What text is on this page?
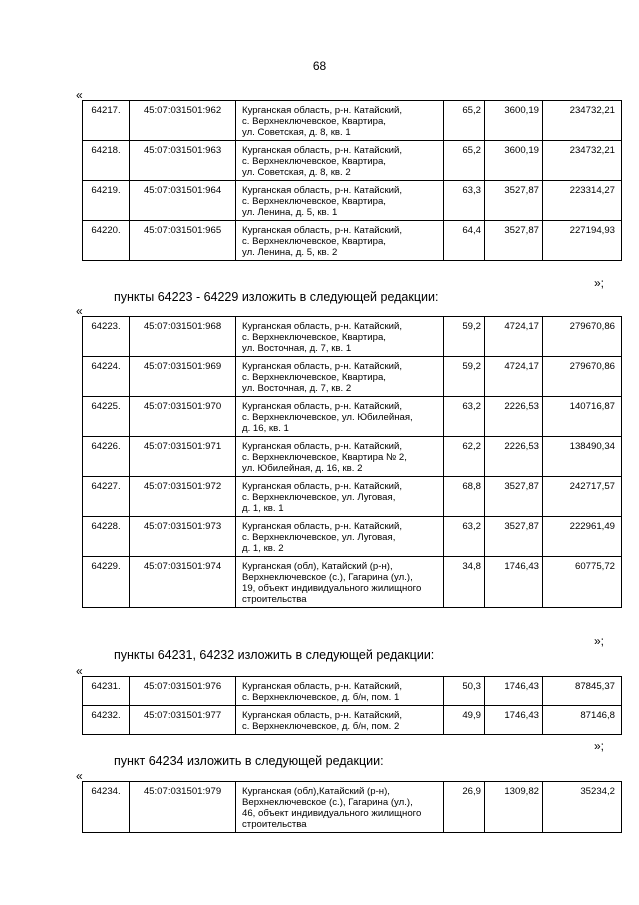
68
«
64217.	45:07:031501:962	Курганская область, р-н. Катайский,
с. Верхнеключевское, Квартира,
ул. Советская, д. 8, кв. 1	65,2	3600,19	234732,21
64218.	45:07:031501:963	Курганская область, р-н. Катайский,
с. Верхнеключевское, Квартира,
ул. Советская, д. 8, кв. 2	65,2	3600,19	234732,21
64219.	45:07:031501:964	Курганская область, р-н. Катайский,
с. Верхнеключевское, Квартира,
ул. Ленина, д. 5, кв. 1	63,3	3527,87	223314,27
64220.	45:07:031501:965	Курганская область, р-н. Катайский,
с. Верхнеключевское, Квартира,
ул. Ленина, д. 5, кв. 2	64,4	3527,87	227194,93
»;
пункты 64223 - 64229 изложить в следующей редакции:
«
64223.	45:07:031501:968	Курганская область, р-н. Катайский,
с. Верхнеключевское, Квартира,
ул. Восточная, д. 7, кв. 1	59,2	4724,17	279670,86
64224.	45:07:031501:969	Курганская область, р-н. Катайский,
с. Верхнеключевское, Квартира,
ул. Восточная, д. 7, кв. 2	59,2	4724,17	279670,86
64225.	45:07:031501:970	Курганская область, р-н. Катайский,
с. Верхнеключевское, ул. Юбилейная,
д. 16, кв. 1	63,2	2226,53	140716,87
64226.	45:07:031501:971	Курганская область, р-н. Катайский,
с. Верхнеключевское, Квартира № 2,
ул. Юбилейная, д. 16, кв. 2	62,2	2226,53	138490,34
64227.	45:07:031501:972	Курганская область, р-н. Катайский,
с. Верхнеключевское, ул. Луговая,
д. 1, кв. 1	68,8	3527,87	242717,57
64228.	45:07:031501:973	Курганская область, р-н. Катайский,
с. Верхнеключевское, ул. Луговая,
д. 1, кв. 2	63,2	3527,87	222961,49
64229.	45:07:031501:974	Курганская (обл), Катайский (р-н),
Верхнеключевское (с.), Гагарина (ул.),
19, объект индивидуального жилищного
строительства	34,8	1746,43	60775,72
»;
пункты 64231, 64232 изложить в следующей редакции:
«
64231.	45:07:031501:976	Курганская область, р-н. Катайский,
с. Верхнеключевское, д. б/н, пом. 1	50,3	1746,43	87845,37
64232.	45:07:031501:977	Курганская область, р-н. Катайский,
с. Верхнеключевское, д. б/н, пом. 2	49,9	1746,43	87146,8
»;
пункт 64234 изложить в следующей редакции:
«
64234.	45:07:031501:979	Курганская (обл),Катайский (р-н),
Верхнеключевское (с.), Гагарина (ул.),
46, объект индивидуального жилищного
строительства
	26,9	1309,82	35234,2
